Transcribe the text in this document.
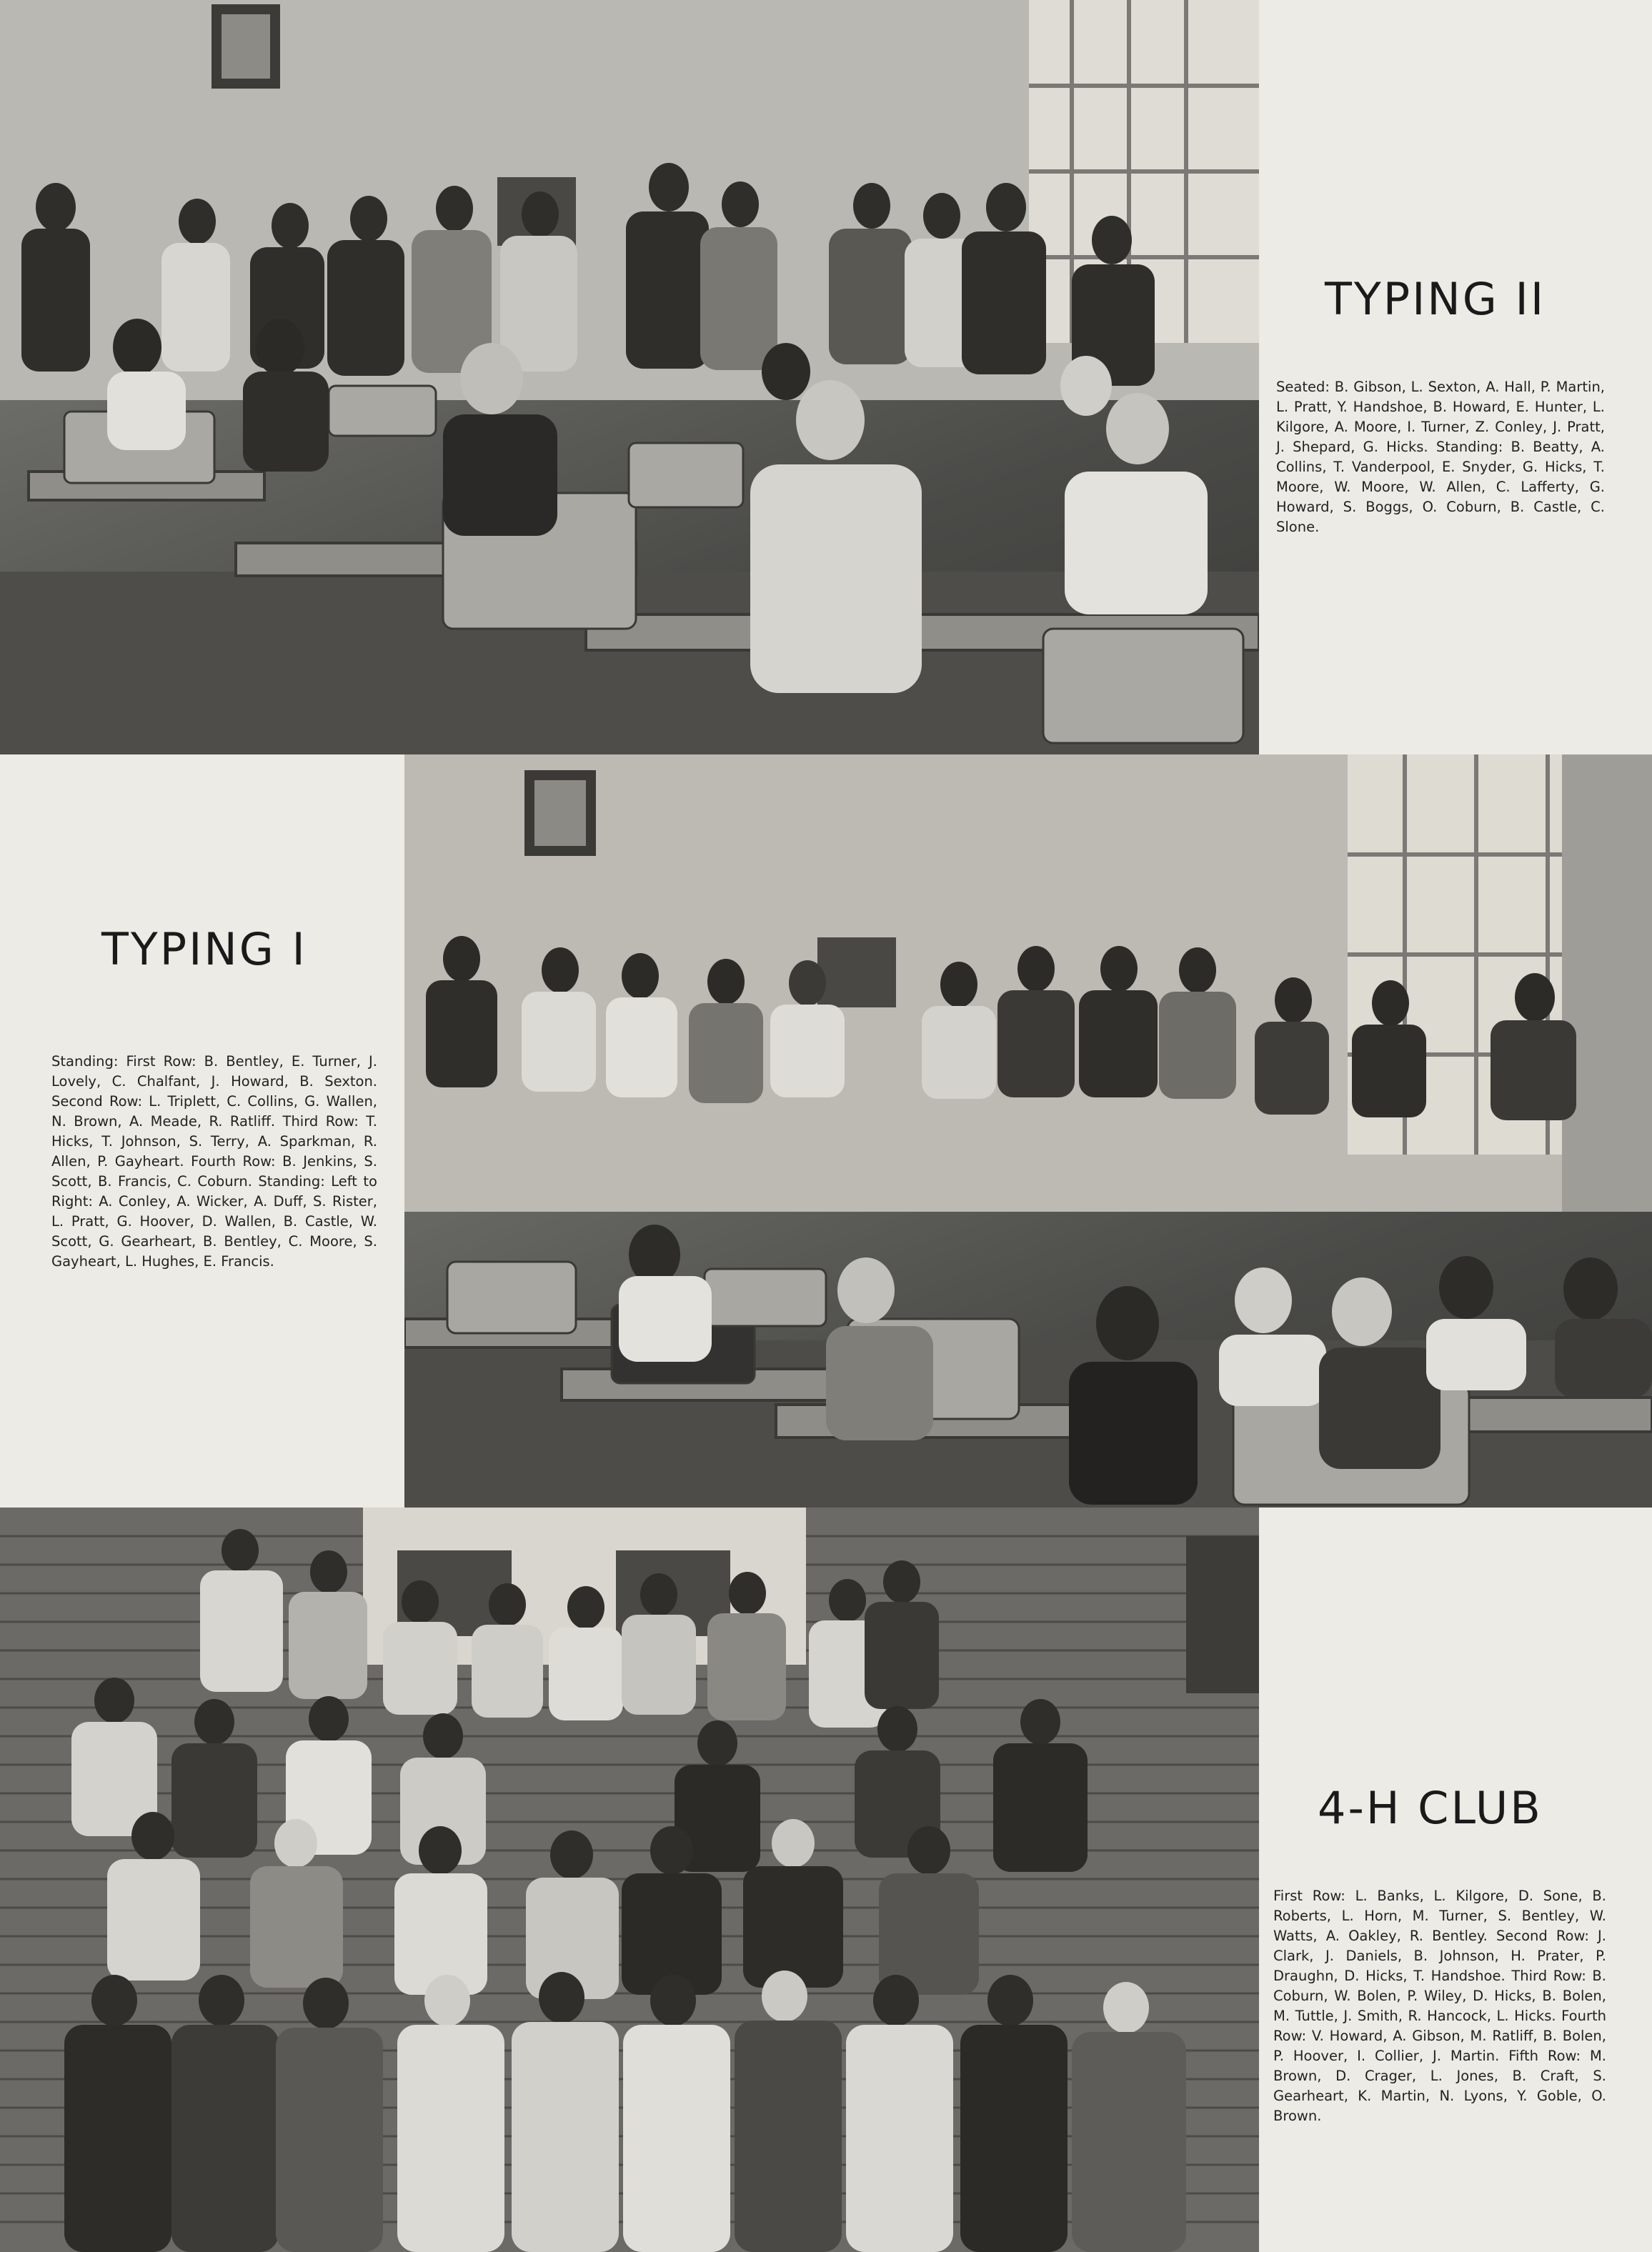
TYPING II

Seated: B. Gibson, L. Sexton, A. Hall, P. Martin, L. Pratt, Y. Handshoe, B. Howard, E. Hunter, L. Kilgore, A. Moore, I. Turner, Z. Conley, J. Pratt, J. Shepard, G. Hicks. Standing: B. Beatty, A. Collins, T. Vanderpool, E. Snyder, G. Hicks, T. Moore, W. Moore, W. Allen, C. Lafferty, G. Howard, S. Boggs, O. Coburn, B. Castle, C. Slone.

TYPING I

Standing: First Row: B. Bentley, E. Turner, J. Lovely, C. Chalfant, J. Howard, B. Sexton. Second Row: L. Triplett, C. Collins, G. Wallen, N. Brown, A. Meade, R. Ratliff. Third Row: T. Hicks, T. Johnson, S. Terry, A. Sparkman, R. Allen, P. Gayheart. Fourth Row: B. Jenkins, S. Scott, B. Francis, C. Coburn. Standing: Left to Right: A. Conley, A. Wicker, A. Duff, S. Rister, L. Pratt, G. Hoover, D. Wallen, B. Castle, W. Scott, G. Gearheart, B. Bentley, C. Moore, S. Gayheart, L. Hughes, E. Francis.

4-H CLUB

First Row: L. Banks, L. Kilgore, D. Sone, B. Roberts, L. Horn, M. Turner, S. Bentley, W. Watts, A. Oakley, R. Bentley. Second Row: J. Clark, J. Daniels, B. Johnson, H. Prater, P. Draughn, D. Hicks, T. Handshoe. Third Row: B. Coburn, W. Bolen, P. Wiley, D. Hicks, B. Bolen, M. Tuttle, J. Smith, R. Hancock, L. Hicks. Fourth Row: V. Howard, A. Gibson, M. Ratliff, B. Bolen, P. Hoover, I. Collier, J. Martin. Fifth Row: M. Brown, D. Crager, L. Jones, B. Craft, S. Gearheart, K. Martin, N. Lyons, Y. Goble, O. Brown.
